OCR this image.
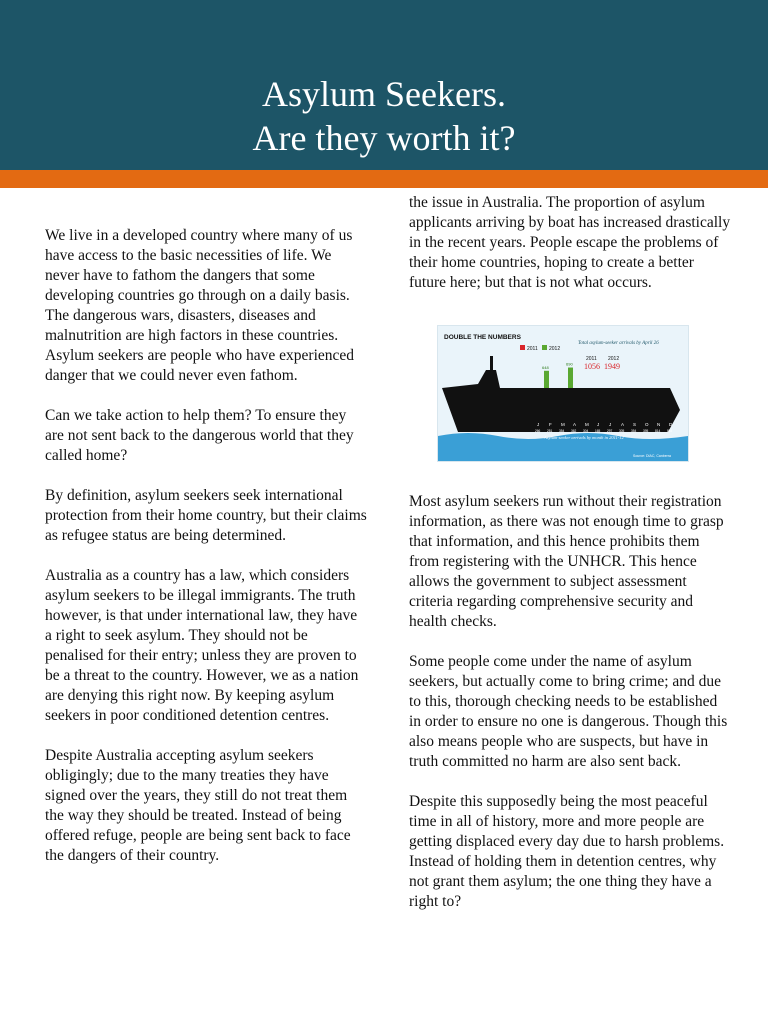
Asylum Seekers.
Are they worth it?

We live in a developed country where many of us have access to the basic necessities of life. We never have to fathom the dangers that some developing countries go through on a daily basis. The dangerous wars, disasters, diseases and malnutrition are high factors in these countries. Asylum seekers are people who have experienced danger that we could never even fathom.

Can we take action to help them? To ensure they are not sent back to the dangerous world that they called home?

By definition, asylum seekers seek international protection from their home country, but their claims as refugee status are being determined.

Australia as a country has a law, which considers asylum seekers to be illegal immigrants. The truth however, is that under international law, they have a right to seek asylum. They should not be penalised for their entry; unless they are proven to be a threat to the country. However, we as a nation are denying this right now. By keeping asylum seekers in poor conditioned detention centres.

Despite Australia accepting asylum seekers obligingly; due to the many treaties they have signed over the years, they still do not treat them the way they should be treated. Instead of being offered refuge, people are being sent back to face the dangers of their country.

the issue in Australia. The proportion of asylum applicants arriving by boat has increased drastically in the recent years. People escape the problems of their home countries, hoping to create a better future here; but that is not what occurs.

648
690
J
266
F
251
M
354
A
362
M
304
J
165
J
297
A
305
S
354
O
395
N
814
D
854
DOUBLE THE NUMBERS
2011 2012
Total asylum-seeker arrivals by April 26
2011 2012
1056 1949
Asylum-seeker arrivals by month in 2011-12
Source: DIAC, Canberra

Most asylum seekers run without their registration information, as there was not enough time to grasp that information, and this hence prohibits them from registering with the UNHCR. This hence allows the government to subject assessment criteria regarding comprehensive security and health checks.

Some people come under the name of asylum seekers, but actually come to bring crime; and due to this, thorough checking needs to be established in order to ensure no one is dangerous. Though this also means people who are suspects, but have in truth committed no harm are also sent back.

Despite this supposedly being the most peaceful time in all of history, more and more people are getting displaced every day due to harsh problems. Instead of holding them in detention centres, why not grant them asylum; the one thing they have a right to?
